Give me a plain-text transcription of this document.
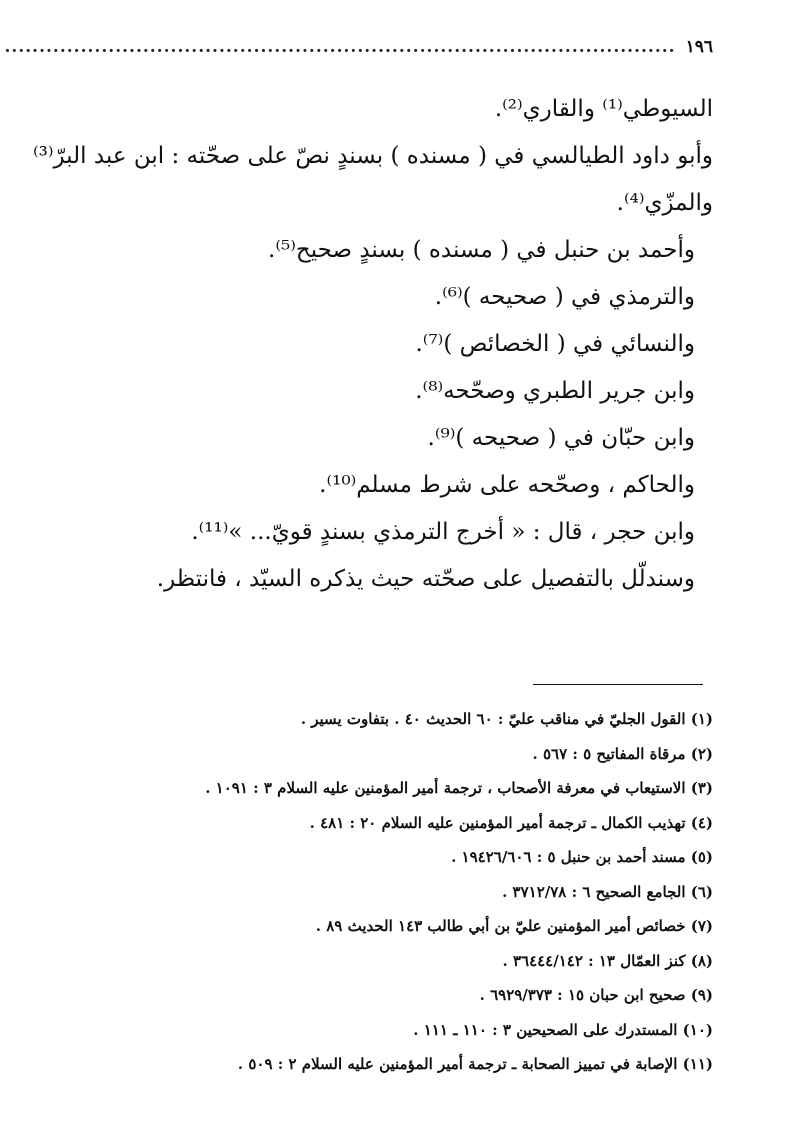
١٩٦
.................................................................................................
السيوطي⁽¹⁾ والقاري⁽²⁾.
وأبو داود الطيالسي في ( مسنده ) بسندٍ نصّ على صحّته : ابن عبد البرّ⁽³⁾
والمزّي⁽⁴⁾.
وأحمد بن حنبل في ( مسنده ) بسندٍ صحيح⁽⁵⁾.
والترمذي في ( صحيحه )⁽⁶⁾.
والنسائي في ( الخصائص )⁽⁷⁾.
وابن جرير الطبري وصحّحه⁽⁸⁾.
وابن حبّان في ( صحيحه )⁽⁹⁾.
والحاكم ، وصحّحه على شرط مسلم⁽¹⁰⁾.
وابن حجر ، قال : « أخرج الترمذي بسندٍ قويّ... »⁽¹¹⁾.
وسندلّل بالتفصيل على صحّته حيث يذكره السيّد ، فانتظر.
(١) القول الجليّ في مناقب عليّ : ٦٠ الحديث ٤٠ . بتفاوت يسير .
(٢) مرقاة المفاتيح ٥ : ٥٦٧ .
(٣) الاستيعاب في معرفة الأصحاب ، ترجمة أمير المؤمنين عليه السلام ٣ : ١٠٩١ .
(٤) تهذيب الكمال ـ ترجمة أمير المؤمنين عليه السلام ٢٠ : ٤٨١ .
(٥) مسند أحمد بن حنبل ٥ : ١٩٤٢٦/٦٠٦ .
(٦) الجامع الصحيح ٦ : ٣٧١٢/٧٨ .
(٧) خصائص أمير المؤمنين عليّ بن أبي طالب ١٤٣ الحديث ٨٩ .
(٨) كنز العمّال ١٣ : ٣٦٤٤٤/١٤٢ .
(٩) صحيح ابن حبان ١٥ : ٦٩٢٩/٣٧٣ .
(١٠) المستدرك على الصحيحين ٣ : ١١٠ ـ ١١١ .
(١١) الإصابة في تمييز الصحابة ـ ترجمة أمير المؤمنين عليه السلام ٢ : ٥٠٩ .
